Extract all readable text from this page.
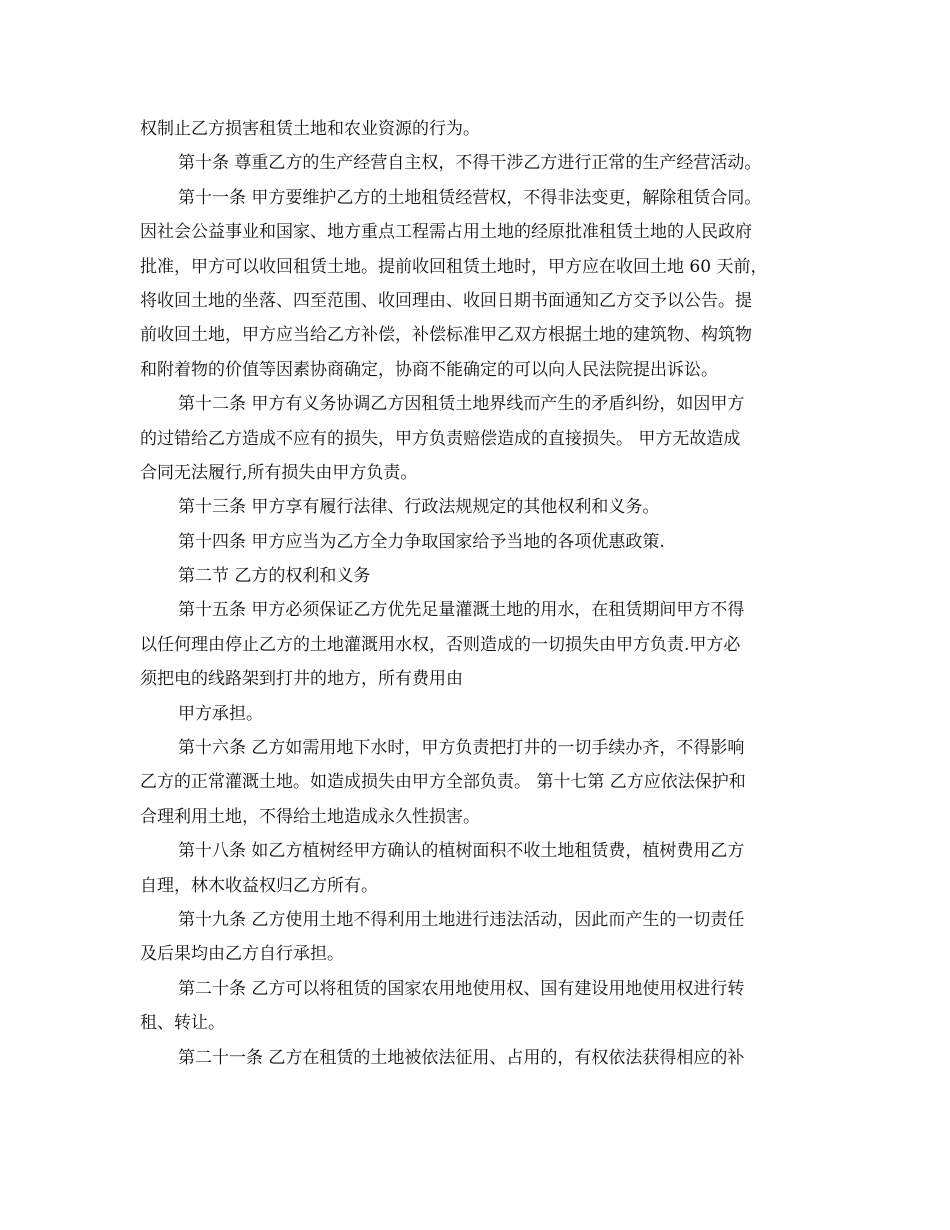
权制止乙方损害租赁土地和农业资源的行为。
第十条 尊重乙方的生产经营自主权，不得干涉乙方进行正常的生产经营活动。
第十一条 甲方要维护乙方的土地租赁经营权，不得非法变更，解除租赁合同。
因社会公益事业和国家、地方重点工程需占用土地的经原批准租赁土地的人民政府
批准，甲方可以收回租赁土地。提前收回租赁土地时，甲方应在收回土地 60 天前，
将收回土地的坐落、四至范围、收回理由、收回日期书面通知乙方交予以公告。提
前收回土地，甲方应当给乙方补偿，补偿标准甲乙双方根据土地的建筑物、构筑物
和附着物的价值等因素协商确定，协商不能确定的可以向人民法院提出诉讼。
第十二条 甲方有义务协调乙方因租赁土地界线而产生的矛盾纠纷，如因甲方
的过错给乙方造成不应有的损失，甲方负责赔偿造成的直接损失。 甲方无故造成
合同无法履行,所有损失由甲方负责。
第十三条 甲方享有履行法律、行政法规规定的其他权利和义务。
第十四条 甲方应当为乙方全力争取国家给予当地的各项优惠政策.
第二节 乙方的权利和义务
第十五条 甲方必须保证乙方优先足量灌溉土地的用水，在租赁期间甲方不得
以任何理由停止乙方的土地灌溉用水权，否则造成的一切损失由甲方负责.甲方必
须把电的线路架到打井的地方，所有费用由
甲方承担。
第十六条 乙方如需用地下水时，甲方负责把打井的一切手续办齐，不得影响
乙方的正常灌溉土地。如造成损失由甲方全部负责。 第十七第 乙方应依法保护和
合理利用土地，不得给土地造成永久性损害。
第十八条 如乙方植树经甲方确认的植树面积不收土地租赁费，植树费用乙方
自理，林木收益权归乙方所有。
第十九条 乙方使用土地不得利用土地进行违法活动，因此而产生的一切责任
及后果均由乙方自行承担。
第二十条 乙方可以将租赁的国家农用地使用权、国有建设用地使用权进行转
租、转让。
第二十一条 乙方在租赁的土地被依法征用、占用的，有权依法获得相应的补
